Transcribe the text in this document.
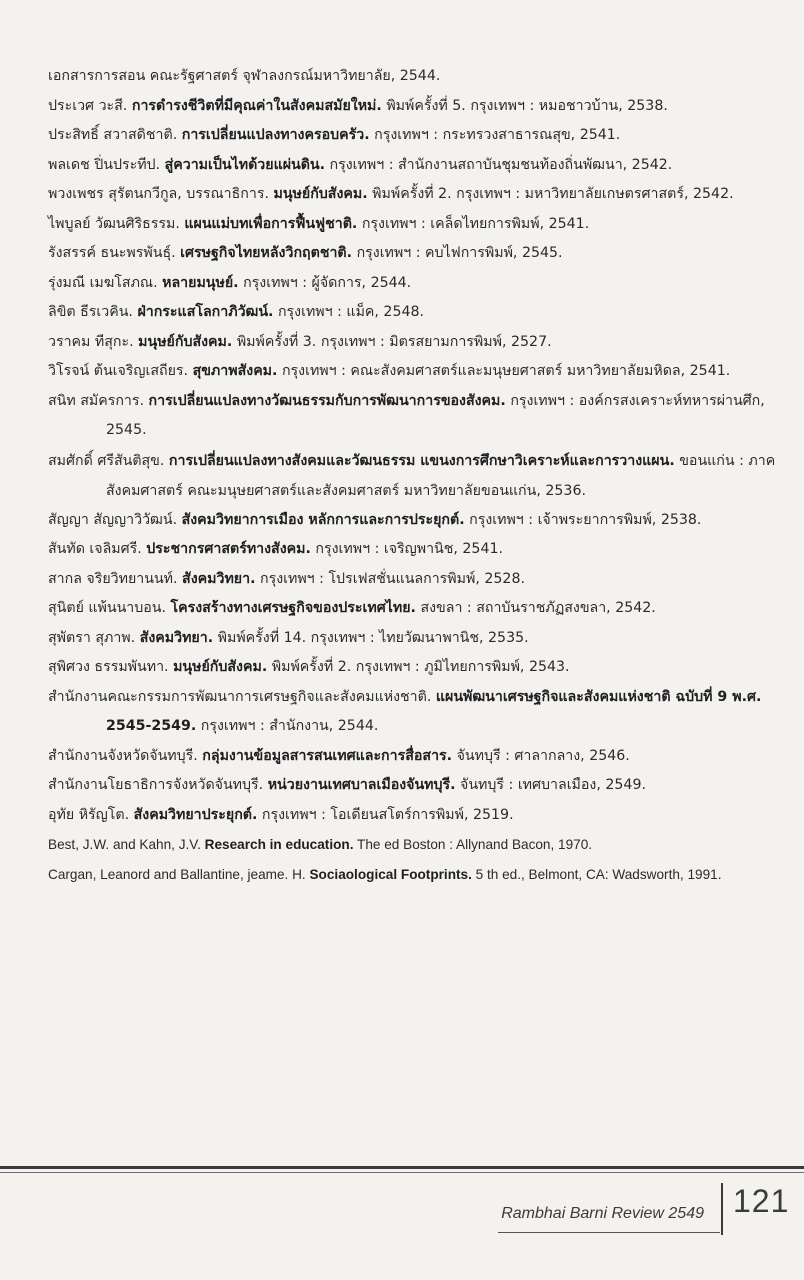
เอกสารการสอน คณะรัฐศาสตร์ จุฬาลงกรณ์มหาวิทยาลัย, 2544.

ประเวศ วะสี. การดำรงชีวิตที่มีคุณค่าในสังคมสมัยใหม่. พิมพ์ครั้งที่ 5. กรุงเทพฯ : หมอชาวบ้าน, 2538.

ประสิทธิ์ สวาสดิชาติ. การเปลี่ยนแปลงทางครอบครัว. กรุงเทพฯ : กระทรวงสาธารณสุข, 2541.

พลเดช ปิ่นประทีป. สู่ความเป็นไทด้วยแผ่นดิน. กรุงเทพฯ : สำนักงานสถาบันชุมชนท้องถิ่นพัฒนา, 2542.

พวงเพชร สุรัตนกวีกูล, บรรณาธิการ. มนุษย์กับสังคม. พิมพ์ครั้งที่ 2. กรุงเทพฯ : มหาวิทยาลัยเกษตรศาสตร์, 2542.

ไพบูลย์ วัฒนศิริธรรม. แผนแม่บทเพื่อการฟื้นฟูชาติ. กรุงเทพฯ : เคล็ดไทยการพิมพ์, 2541.

รังสรรค์ ธนะพรพันธุ์. เศรษฐกิจไทยหลังวิกฤตชาติ. กรุงเทพฯ : คบไฟการพิมพ์, 2545.

รุ่งมณี เมฆโสภณ. หลายมนุษย์. กรุงเทพฯ : ผู้จัดการ, 2544.

ลิขิต ธีรเวคิน. ฝ่ากระแสโลกาภิวัฒน์. กรุงเทพฯ : แม็ค, 2548.

วราคม ทีสุกะ. มนุษย์กับสังคม. พิมพ์ครั้งที่ 3. กรุงเทพฯ : มิตรสยามการพิมพ์, 2527.

วิโรจน์ ต้นเจริญเสถียร. สุขภาพสังคม. กรุงเทพฯ : คณะสังคมศาสตร์และมนุษยศาสตร์ มหาวิทยาลัยมหิดล, 2541.

สนิท สมัครการ. การเปลี่ยนแปลงทางวัฒนธรรมกับการพัฒนาการของสังคม. กรุงเทพฯ : องค์กรสงเคราะห์ทหารผ่านศึก, 2545.

สมศักดิ์ ศรีสันติสุข. การเปลี่ยนแปลงทางสังคมและวัฒนธรรม แขนงการศึกษาวิเคราะห์และการวางแผน. ขอนแก่น : ภาคสังคมศาสตร์ คณะมนุษยศาสตร์และสังคมศาสตร์ มหาวิทยาลัยขอนแก่น, 2536.

สัญญา สัญญาวิวัฒน์. สังคมวิทยาการเมือง หลักการและการประยุกต์. กรุงเทพฯ : เจ้าพระยาการพิมพ์, 2538.

สันทัด เจลิมศรี. ประชากรศาสตร์ทางสังคม. กรุงเทพฯ : เจริญพานิช, 2541.

สากล จริยวิทยานนท์. สังคมวิทยา. กรุงเทพฯ : โปรเฟสชั่นแนลการพิมพ์, 2528.

สุนิตย์ แพ้นนาบอน. โครงสร้างทางเศรษฐกิจของประเทศไทย. สงขลา : สถาบันราชภัฏสงขลา, 2542.

สุพัตรา สุภาพ. สังคมวิทยา. พิมพ์ครั้งที่ 14. กรุงเทพฯ : ไทยวัฒนาพานิช, 2535.

สุพิศวง ธรรมพันทา. มนุษย์กับสังคม. พิมพ์ครั้งที่ 2. กรุงเทพฯ : ภูมิไทยการพิมพ์, 2543.

สำนักงานคณะกรรมการพัฒนาการเศรษฐกิจและสังคมแห่งชาติ. แผนพัฒนาเศรษฐกิจและสังคมแห่งชาติ ฉบับที่ 9 พ.ศ. 2545-2549. กรุงเทพฯ : สำนักงาน, 2544.

สำนักงานจังหวัดจันทบุรี. กลุ่มงานข้อมูลสารสนเทศและการสื่อสาร. จันทบุรี : ศาลากลาง, 2546.

สำนักงานโยธาธิการจังหวัดจันทบุรี. หน่วยงานเทศบาลเมืองจันทบุรี. จันทบุรี : เทศบาลเมือง, 2549.

อุทัย หิรัญโต. สังคมวิทยาประยุกต์. กรุงเทพฯ : โอเดียนสโตร์การพิมพ์, 2519.

Best, J.W. and Kahn, J.V. Research in education. The ed Boston : Allynand Bacon, 1970.

Cargan, Leanord and Ballantine, jeame. H. Sociaological Footprints. 5 th ed., Belmont, CA: Wadsworth, 1991.

Rambhai Barni Review 2549 121
